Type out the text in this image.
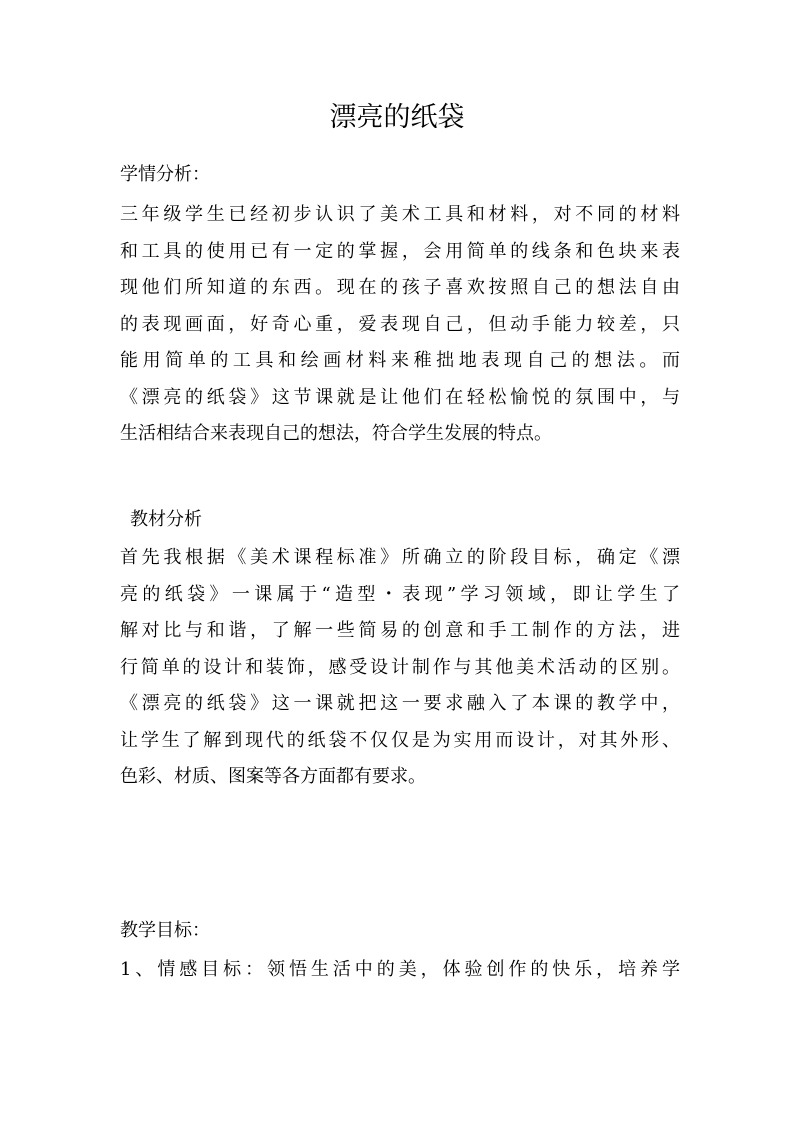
漂亮的纸袋
学情分析：
三年级学生已经初步认识了美术工具和材料，对不同的材料
和工具的使用已有一定的掌握，会用简单的线条和色块来表
现他们所知道的东西。现在的孩子喜欢按照自己的想法自由
的表现画面，好奇心重，爱表现自己，但动手能力较差，只
能用简单的工具和绘画材料来稚拙地表现自己的想法。而
《漂亮的纸袋》这节课就是让他们在轻松愉悦的氛围中，与
生活相结合来表现自己的想法，符合学生发展的特点。
教材分析
首先我根据《美术课程标准》所确立的阶段目标，确定《漂
亮的纸袋》一课属于“造型・表现”学习领域，即让学生了
解对比与和谐，了解一些简易的创意和手工制作的方法，进
行简单的设计和装饰，感受设计制作与其他美术活动的区别。
《漂亮的纸袋》这一课就把这一要求融入了本课的教学中，
让学生了解到现代的纸袋不仅仅是为实用而设计，对其外形、
色彩、材质、图案等各方面都有要求。
教学目标：
1、情感目标：领悟生活中的美，体验创作的快乐，培养学
